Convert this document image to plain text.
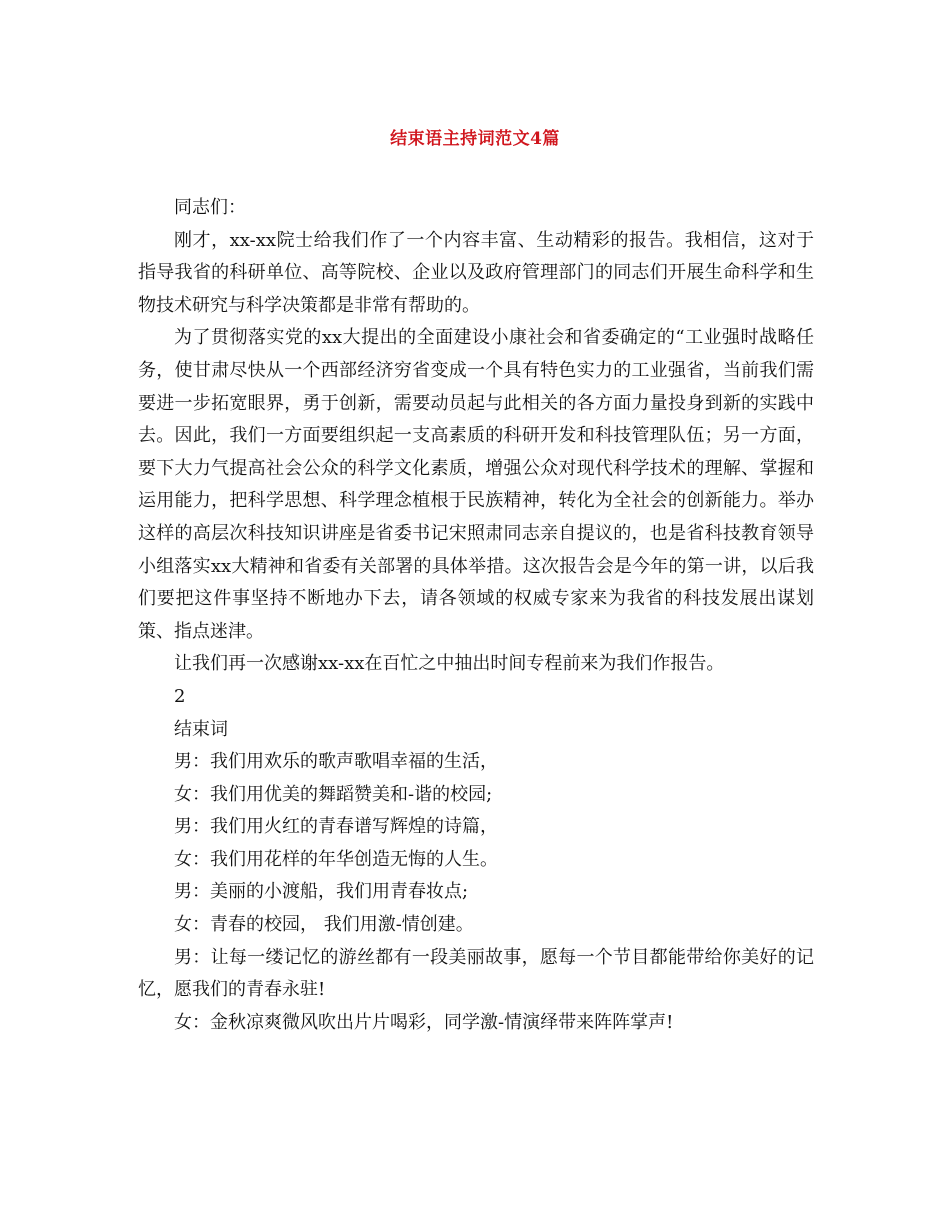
结束语主持词范文4篇

同志们：

刚才，xx-xx院士给我们作了一个内容丰富、生动精彩的报告。我相信，这对于指导我省的科研单位、高等院校、企业以及政府管理部门的同志们开展生命科学和生物技术研究与科学决策都是非常有帮助的。

为了贯彻落实党的xx大提出的全面建设小康社会和省委确定的“工业强时战略任务，使甘肃尽快从一个西部经济穷省变成一个具有特色实力的工业强省，当前我们需要进一步拓宽眼界，勇于创新，需要动员起与此相关的各方面力量投身到新的实践中去。因此，我们一方面要组织起一支高素质的科研开发和科技管理队伍；另一方面，要下大力气提高社会公众的科学文化素质，增强公众对现代科学技术的理解、掌握和运用能力，把科学思想、科学理念植根于民族精神，转化为全社会的创新能力。举办这样的高层次科技知识讲座是省委书记宋照肃同志亲自提议的，也是省科技教育领导小组落实xx大精神和省委有关部署的具体举措。这次报告会是今年的第一讲，以后我们要把这件事坚持不断地办下去，请各领域的权威专家来为我省的科技发展出谋划策、指点迷津。

让我们再一次感谢xx-xx在百忙之中抽出时间专程前来为我们作报告。

2

结束词

男：我们用欢乐的歌声歌唱幸福的生活，

女：我们用优美的舞蹈赞美和-谐的校园;

男：我们用火红的青春谱写辉煌的诗篇，

女：我们用花样的年华创造无悔的人生。

男：美丽的小渡船，我们用青春妆点;

女：青春的校园， 我们用激-情创建。

男：让每一缕记忆的游丝都有一段美丽故事，愿每一个节目都能带给你美好的记忆，愿我们的青春永驻!

女：金秋凉爽微风吹出片片喝彩，同学激-情演绎带来阵阵掌声!
